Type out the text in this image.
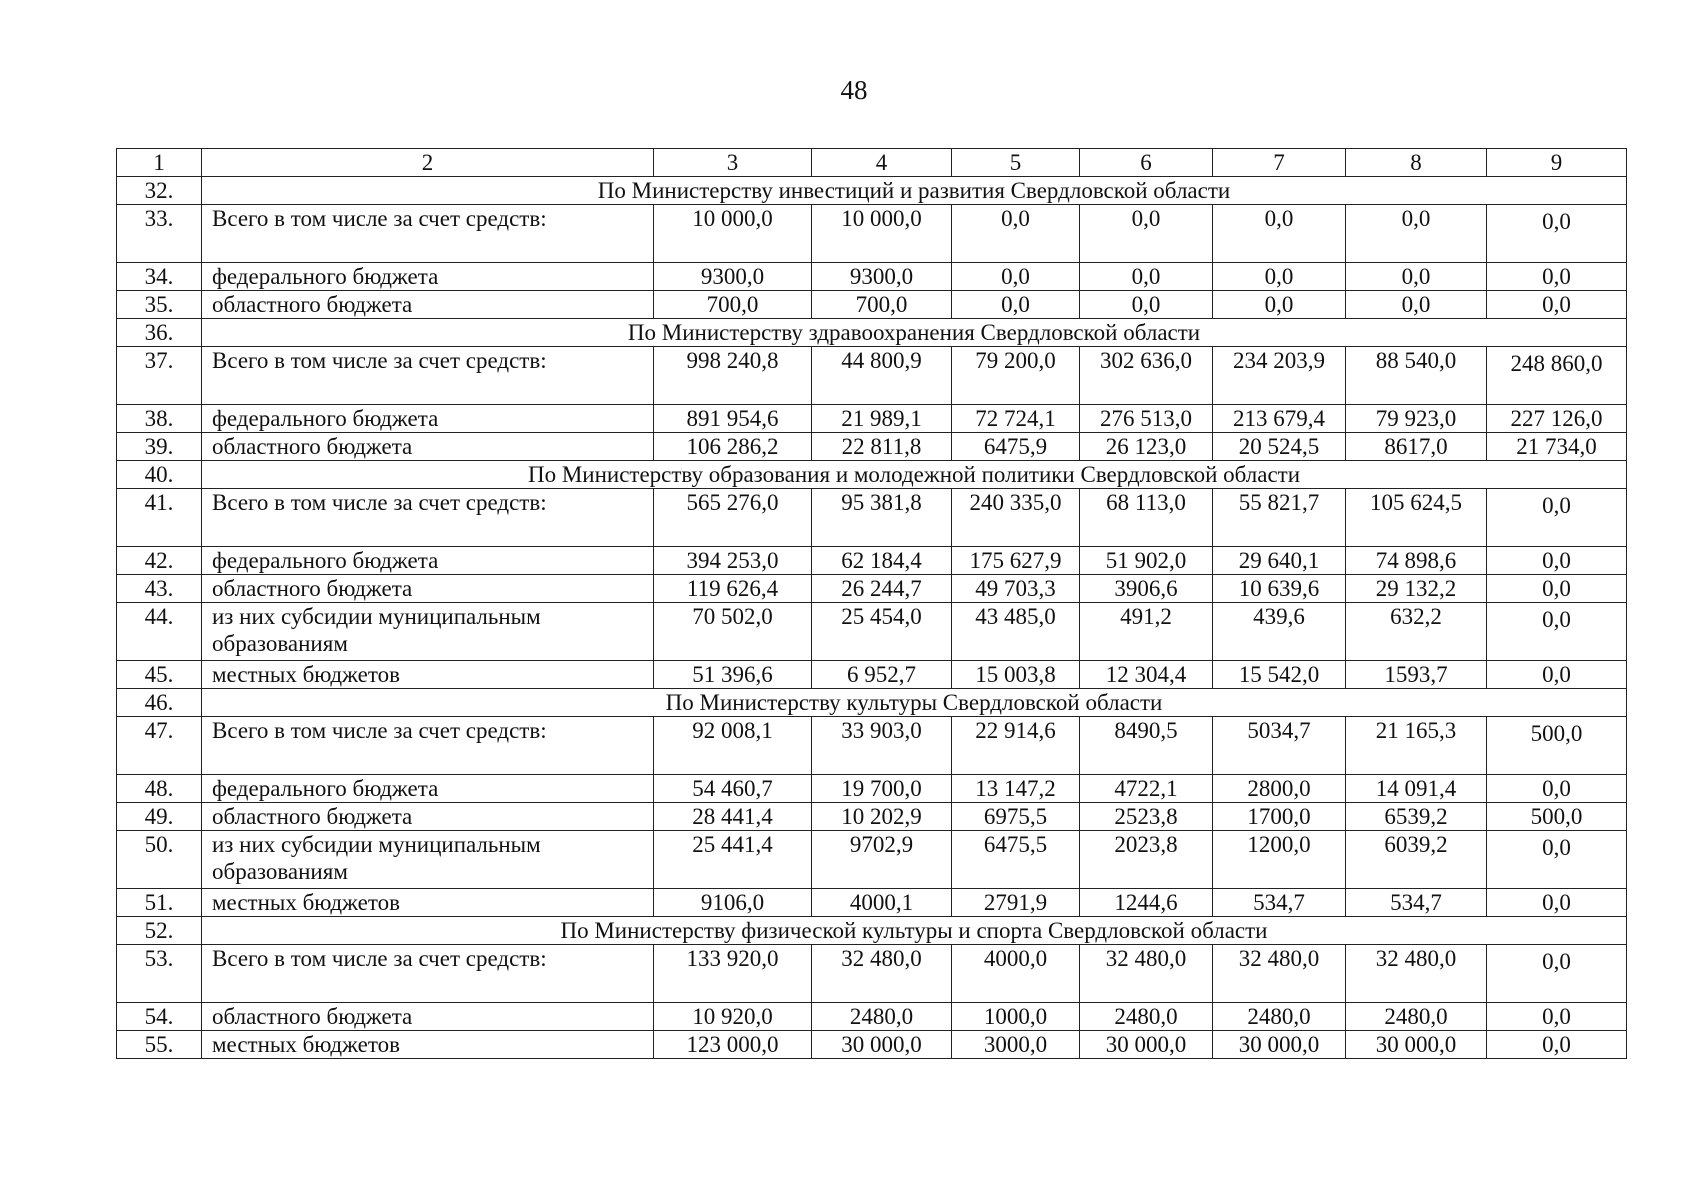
48
1	2	3	4	5	6	7	8	9
32.	По Министерству инвестиций и развития Свердловской области							
33.	Всего в том числе за счет средств:	10 000,0	10 000,0	0,0	0,0	0,0	0,0	0,0
34.	федерального бюджета	9300,0	9300,0	0,0	0,0	0,0	0,0	0,0
35.	областного бюджета	700,0	700,0	0,0	0,0	0,0	0,0	0,0
36.	По Министерству здравоохранения Свердловской области							
37.	Всего в том числе за счет средств:	998 240,8	44 800,9	79 200,0	302 636,0	234 203,9	88 540,0	248 860,0
38.	федерального бюджета	891 954,6	21 989,1	72 724,1	276 513,0	213 679,4	79 923,0	227 126,0
39.	областного бюджета	106 286,2	22 811,8	6475,9	26 123,0	20 524,5	8617,0	21 734,0
40.	По Министерству образования и молодежной политики Свердловской области							
41.	Всего в том числе за счет средств:	565 276,0	95 381,8	240 335,0	68 113,0	55 821,7	105 624,5	0,0
42.	федерального бюджета	394 253,0	62 184,4	175 627,9	51 902,0	29 640,1	74 898,6	0,0
43.	областного бюджета	119 626,4	26 244,7	49 703,3	3906,6	10 639,6	29 132,2	0,0
44.	из них субсидии муниципальным образованиям	70 502,0	25 454,0	43 485,0	491,2	439,6	632,2	0,0
45.	местных бюджетов	51 396,6	6 952,7	15 003,8	12 304,4	15 542,0	1593,7	0,0
46.	По Министерству культуры Свердловской области							
47.	Всего в том числе за счет средств:	92 008,1	33 903,0	22 914,6	8490,5	5034,7	21 165,3	500,0
48.	федерального бюджета	54 460,7	19 700,0	13 147,2	4722,1	2800,0	14 091,4	0,0
49.	областного бюджета	28 441,4	10 202,9	6975,5	2523,8	1700,0	6539,2	500,0
50.	из них субсидии муниципальным образованиям	25 441,4	9702,9	6475,5	2023,8	1200,0	6039,2	0,0
51.	местных бюджетов	9106,0	4000,1	2791,9	1244,6	534,7	534,7	0,0
52.	По Министерству физической культуры и спорта Свердловской области							
53.	Всего в том числе за счет средств:	133 920,0	32 480,0	4000,0	32 480,0	32 480,0	32 480,0	0,0
54.	областного бюджета	10 920,0	2480,0	1000,0	2480,0	2480,0	2480,0	0,0
55.	местных бюджетов	123 000,0	30 000,0	3000,0	30 000,0	30 000,0	30 000,0	0,0
